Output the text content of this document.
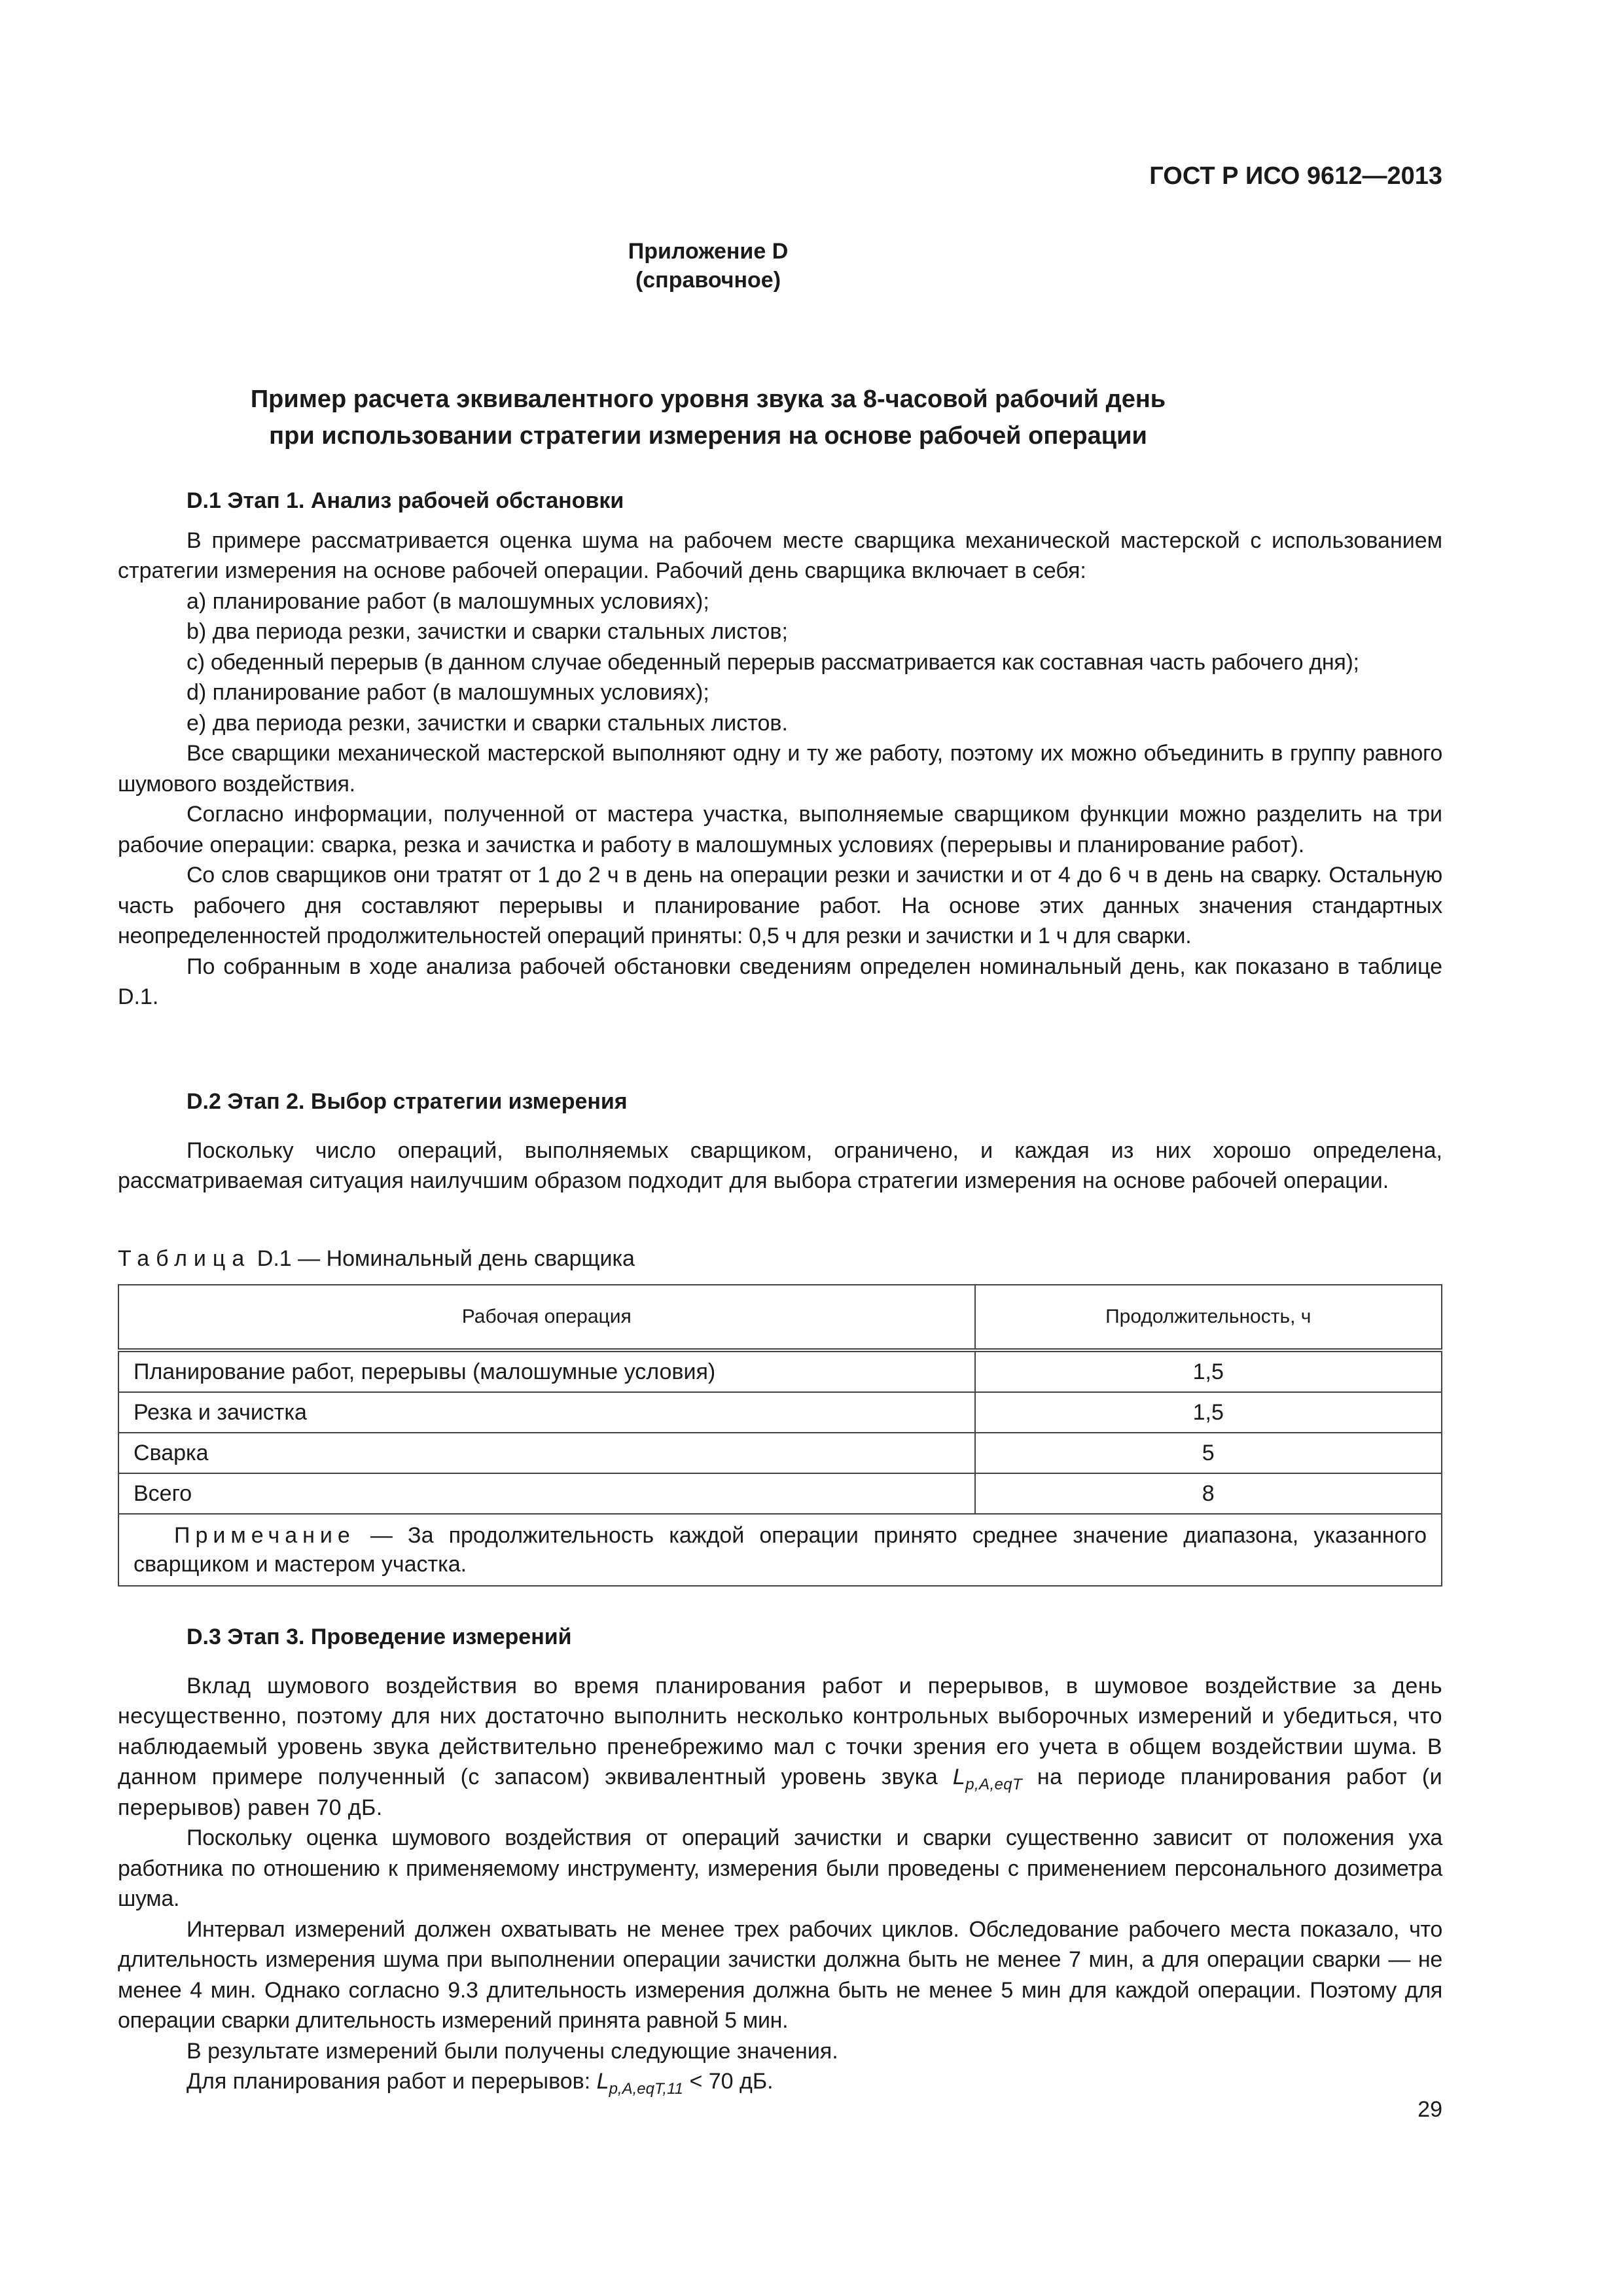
ГОСТ Р ИСО 9612—2013
Приложение D
(справочное)
Пример расчета эквивалентного уровня звука за 8-часовой рабочий день
при использовании стратегии измерения на основе рабочей операции
D.1 Этап 1. Анализ рабочей обстановки

В примере рассматривается оценка шума на рабочем месте сварщика механической мастерской с использованием стратегии измерения на основе рабочей операции. Рабочий день сварщика включает в себя:

a) планирование работ (в малошумных условиях);
b) два периода резки, зачистки и сварки стальных листов;
c) обеденный перерыв (в данном случае обеденный перерыв рассматривается как составная часть рабочего дня);
d) планирование работ (в малошумных условиях);
e) два периода резки, зачистки и сварки стальных листов.

Все сварщики механической мастерской выполняют одну и ту же работу, поэтому их можно объединить в группу равного шумового воздействия.

Согласно информации, полученной от мастера участка, выполняемые сварщиком функции можно разделить на три рабочие операции: сварка, резка и зачистка и работу в малошумных условиях (перерывы и планирование работ).

Со слов сварщиков они тратят от 1 до 2 ч в день на операции резки и зачистки и от 4 до 6 ч в день на сварку. Остальную часть рабочего дня составляют перерывы и планирование работ. На основе этих данных значения стандартных неопределенностей продолжительностей операций приняты: 0,5 ч для резки и зачистки и 1 ч для сварки.

По собранным в ходе анализа рабочей обстановки сведениям определен номинальный день, как показано в таблице D.1.

D.2 Этап 2. Выбор стратегии измерения

Поскольку число операций, выполняемых сварщиком, ограничено, и каждая из них хорошо определена, рассматриваемая ситуация наилучшим образом подходит для выбора стратегии измерения на основе рабочей операции.

Таблица D.1 — Номинальный день сварщика
Рабочая операция	Продолжительность, ч
Планирование работ, перерывы (малошумные условия)	1,5
Резка и зачистка	1,5
Сварка	5
Всего	8
Примечание — За продолжительность каждой операции принято среднее значение диапазона, указанного сварщиком и мастером участка.	
D.3 Этап 3. Проведение измерений

Вклад шумового воздействия во время планирования работ и перерывов, в шумовое воздействие за день несущественно, поэтому для них достаточно выполнить несколько контрольных выборочных измерений и убедиться, что наблюдаемый уровень звука действительно пренебрежимо мал с точки зрения его учета в общем воздействии шума. В данном примере полученный (с запасом) эквивалентный уровень звука $L_{p,A,eqT}$ на периоде планирования работ (и перерывов) равен 70 дБ.

Поскольку оценка шумового воздействия от операций зачистки и сварки существенно зависит от положения уха работника по отношению к применяемому инструменту, измерения были проведены с применением персонального дозиметра шума.

Интервал измерений должен охватывать не менее трех рабочих циклов. Обследование рабочего места показало, что длительность измерения шума при выполнении операции зачистки должна быть не менее 7 мин, а для операции сварки — не менее 4 мин. Однако согласно 9.3 длительность измерения должна быть не менее 5 мин для каждой операции. Поэтому для операции сварки длительность измерений принята равной 5 мин.

В результате измерений были получены следующие значения.

Для планирования работ и перерывов: $L_{p,A,eqT,11} < 70$ дБ.

29
